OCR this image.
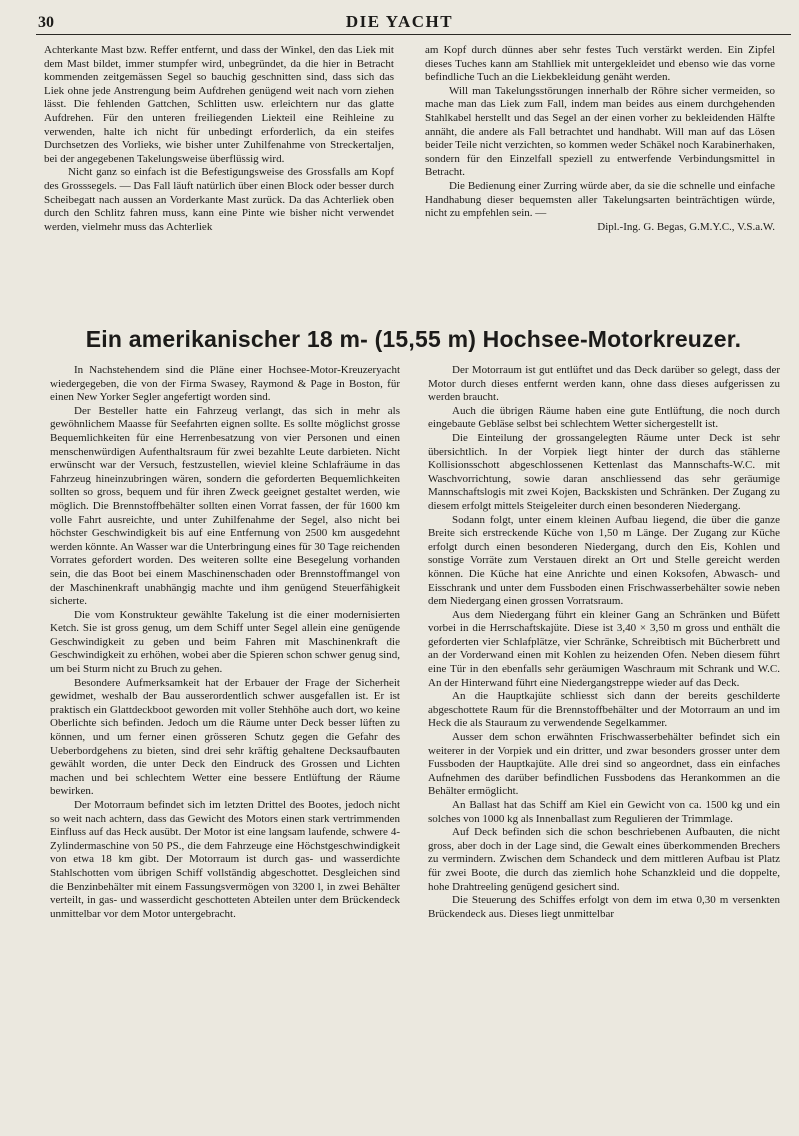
30	DIE YACHT

Achterkante Mast bzw. Reffer entfernt, und dass der Winkel, den das Liek mit dem Mast bildet, immer stumpfer wird, unbegründet, da die hier in Betracht kommenden zeitgemässen Segel so bauchig geschnitten sind, dass sich das Liek ohne jede Anstrengung beim Aufdrehen genügend weit nach vorn ziehen lässt. Die fehlenden Gattchen, Schlitten usw. erleichtern nur das glatte Aufdrehen. Für den unteren freiliegenden Liekteil eine Reihleine zu verwenden, halte ich nicht für unbedingt erforderlich, da ein steifes Durchsetzen des Vorlieks, wie bisher unter Zuhilfenahme von Streckertaljen, bei der angegebenen Takelungsweise überflüssig wird.

Nicht ganz so einfach ist die Befestigungsweise des Grossfalls am Kopf des Grosssegels. — Das Fall läuft natürlich über einen Block oder besser durch Scheibegatt nach aussen an Vorderkante Mast zurück. Da das Achterliek oben durch den Schlitz fahren muss, kann eine Pinte wie bisher nicht verwendet werden, vielmehr muss das Achterliek

am Kopf durch dünnes aber sehr festes Tuch verstärkt werden. Ein Zipfel dieses Tuches kann am Stahlliek mit untergekleidet und ebenso wie das vorne befindliche Tuch an die Liekbekleidung genäht werden.

Will man Takelungsstörungen innerhalb der Röhre sicher vermeiden, so mache man das Liek zum Fall, indem man beides aus einem durchgehenden Stahlkabel herstellt und das Segel an der einen vorher zu bekleidenden Hälfte annäht, die andere als Fall betrachtet und handhabt. Will man auf das Lösen beider Teile nicht verzichten, so kommen weder Schäkel noch Karabinerhaken, sondern für den Einzelfall speziell zu entwerfende Verbindungsmittel in Betracht.

Die Bedienung einer Zurring würde aber, da sie die schnelle und einfache Handhabung dieser bequemsten aller Takelungsarten beinträchtigen würde, nicht zu empfehlen sein. —

Dipl.-Ing. G. Begas, G.M.Y.C., V.S.a.W.

Ein amerikanischer 18 m- (15,55 m) Hochsee-Motorkreuzer.

In Nachstehendem sind die Pläne einer Hochsee-Motor-Kreuzeryacht wiedergegeben, die von der Firma Swasey, Raymond & Page in Boston, für einen New Yorker Segler angefertigt worden sind.

Der Besteller hatte ein Fahrzeug verlangt, das sich in mehr als gewöhnlichem Maasse für Seefahrten eignen sollte. Es sollte möglichst grosse Bequemlichkeiten für eine Herrenbesatzung von vier Personen und einen menschenwürdigen Aufenthaltsraum für zwei bezahlte Leute darbieten. Nicht erwünscht war der Versuch, festzustellen, wieviel kleine Schlafräume in das Fahrzeug hineinzubringen wären, sondern die geforderten Bequemlichkeiten sollten so gross, bequem und für ihren Zweck geeignet gestaltet werden, wie möglich. Die Brennstoffbehälter sollten einen Vorrat fassen, der für 1600 km volle Fahrt ausreichte, und unter Zuhilfenahme der Segel, also nicht bei höchster Geschwindigkeit bis auf eine Entfernung von 2500 km ausgedehnt werden könnte. An Wasser war die Unterbringung eines für 30 Tage reichenden Vorrates gefordert worden. Des weiteren sollte eine Besegelung vorhanden sein, die das Boot bei einem Maschinenschaden oder Brennstoffmangel von der Maschinenkraft unabhängig machte und ihm genügend Steuerfähigkeit sicherte.

Die vom Konstrukteur gewählte Takelung ist die einer modernisierten Ketch. Sie ist gross genug, um dem Schiff unter Segel allein eine genügende Geschwindigkeit zu geben und beim Fahren mit Maschinenkraft die Geschwindigkeit zu erhöhen, wobei aber die Spieren schon schwer genug sind, um bei Sturm nicht zu Bruch zu gehen.

Besondere Aufmerksamkeit hat der Erbauer der Frage der Sicherheit gewidmet, weshalb der Bau ausserordentlich schwer ausgefallen ist. Er ist praktisch ein Glattdeckboot geworden mit voller Stehhöhe auch dort, wo keine Oberlichte sich befinden. Jedoch um die Räume unter Deck besser lüften zu können, und um ferner einen grösseren Schutz gegen die Gefahr des Ueberbordgehens zu bieten, sind drei sehr kräftig gehaltene Decksaufbauten gewählt worden, die unter Deck den Eindruck des Grossen und Lichten machen und bei schlechtem Wetter eine bessere Entlüftung der Räume bewirken.

Der Motorraum befindet sich im letzten Drittel des Bootes, jedoch nicht so weit nach achtern, dass das Gewicht des Motors einen stark vertrimmenden Einfluss auf das Heck ausübt. Der Motor ist eine langsam laufende, schwere 4-Zylindermaschine von 50 PS., die dem Fahrzeuge eine Höchstgeschwindigkeit von etwa 18 km gibt. Der Motorraum ist durch gas- und wasserdichte Stahlschotten vom übrigen Schiff vollständig abgeschottet. Desgleichen sind die Benzinbehälter mit einem Fassungsvermögen von 3200 l, in zwei Behälter verteilt, in gas- und wasserdicht geschotteten Abteilen unter dem Brückendeck unmittelbar vor dem Motor untergebracht.

Der Motorraum ist gut entlüftet und das Deck darüber so gelegt, dass der Motor durch dieses entfernt werden kann, ohne dass dieses aufgerissen zu werden braucht.

Auch die übrigen Räume haben eine gute Entlüftung, die noch durch eingebaute Gebläse selbst bei schlechtem Wetter sichergestellt ist.

Die Einteilung der grossangelegten Räume unter Deck ist sehr übersichtlich. In der Vorpiek liegt hinter der durch das stählerne Kollisionsschott abgeschlossenen Kettenlast das Mannschafts-W.C. mit Waschvorrichtung, sowie daran anschliessend das sehr geräumige Mannschaftslogis mit zwei Kojen, Backskisten und Schränken. Der Zugang zu diesem erfolgt mittels Steigeleiter durch einen besonderen Niedergang.

Sodann folgt, unter einem kleinen Aufbau liegend, die über die ganze Breite sich erstreckende Küche von 1,50 m Länge. Der Zugang zur Küche erfolgt durch einen besonderen Niedergang, durch den Eis, Kohlen und sonstige Vorräte zum Verstauen direkt an Ort und Stelle gereicht werden können. Die Küche hat eine Anrichte und einen Koksofen, Abwasch- und Eisschrank und unter dem Fussboden einen Frischwasserbehälter sowie neben dem Niedergang einen grossen Vorratsraum.

Aus dem Niedergang führt ein kleiner Gang an Schränken und Büfett vorbei in die Herrschaftskajüte. Diese ist 3,40 × 3,50 m gross und enthält die geforderten vier Schlafplätze, vier Schränke, Schreibtisch mit Bücherbrett und an der Vorderwand einen mit Kohlen zu heizenden Ofen. Neben diesem führt eine Tür in den ebenfalls sehr geräumigen Waschraum mit Schrank und W.C. An der Hinterwand führt eine Niedergangstreppe wieder auf das Deck.

An die Hauptkajüte schliesst sich dann der bereits geschilderte abgeschottete Raum für die Brennstoffbehälter und der Motorraum an und im Heck die als Stauraum zu verwendende Segelkammer.

Ausser dem schon erwähnten Frischwasserbehälter befindet sich ein weiterer in der Vorpiek und ein dritter, und zwar besonders grosser unter dem Fussboden der Hauptkajüte. Alle drei sind so angeordnet, dass ein einfaches Aufnehmen des darüber befindlichen Fussbodens das Herankommen an die Behälter ermöglicht.

An Ballast hat das Schiff am Kiel ein Gewicht von ca. 1500 kg und ein solches von 1000 kg als Innenballast zum Regulieren der Trimmlage.

Auf Deck befinden sich die schon beschriebenen Aufbauten, die nicht gross, aber doch in der Lage sind, die Gewalt eines überkommenden Brechers zu vermindern. Zwischen dem Schandeck und dem mittleren Aufbau ist Platz für zwei Boote, die durch das ziemlich hohe Schanzkleid und die doppelte, hohe Drahtreeling genügend gesichert sind.

Die Steuerung des Schiffes erfolgt von dem im etwa 0,30 m versenkten Brückendeck aus. Dieses liegt unmittelbar
